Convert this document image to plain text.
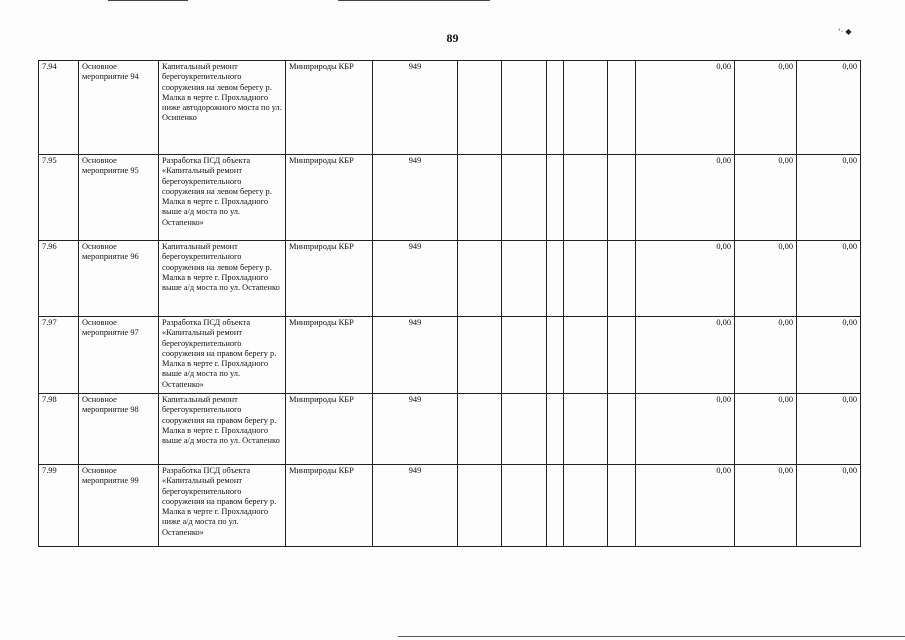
89	‘· ◆
7.94	Основное мероприятие 94	Капитальный ремонт берегоукрепительного сооружения на левом берегу р. Малка в черте г. Прохладного ниже автодорожного моста по ул. Осипенко	Минприроды КБР	949						0,00	0,00	0,00
7.95	Основное мероприятие 95	Разработка ПСД объекта «Капитальный ремонт берегоукрепительного сооружения на левом берегу р. Малка в черте г. Прохладного выше а/д моста по ул. Остапенко»	Минприроды КБР	949						0,00	0,00	0,00
7.96	Основное мероприятие 96	Капитальный ремонт берегоукрепительного сооружения на левом берегу р. Малка в черте г. Прохладного выше а/д моста по ул. Остапенко	Минприроды КБР	949						0,00	0,00	0,00
7.97	Основное мероприятие 97	Разработка ПСД объекта «Капитальный ремонт берегоукрепительного сооружения на правом берегу р. Малка в черте г. Прохладного выше а/д моста по ул. Остапенко»	Минприроды КБР	949						0,00	0,00	0,00
7.98	Основное мероприятие 98	Капитальный ремонт берегоукрепительного сооружения на правом берегу р. Малка в черте г. Прохладного выше а/д моста по ул. Остапенко	Минприроды КБР	949						0,00	0,00	0,00
7.99	Основное мероприятие 99	Разработка ПСД объекта «Капитальный ремонт берегоукрепительного сооружения на правом берегу р. Малка в черте г. Прохладного ниже а/д моста по ул. Остапенко»	Минприроды КБР	949						0,00	0,00	0,00
